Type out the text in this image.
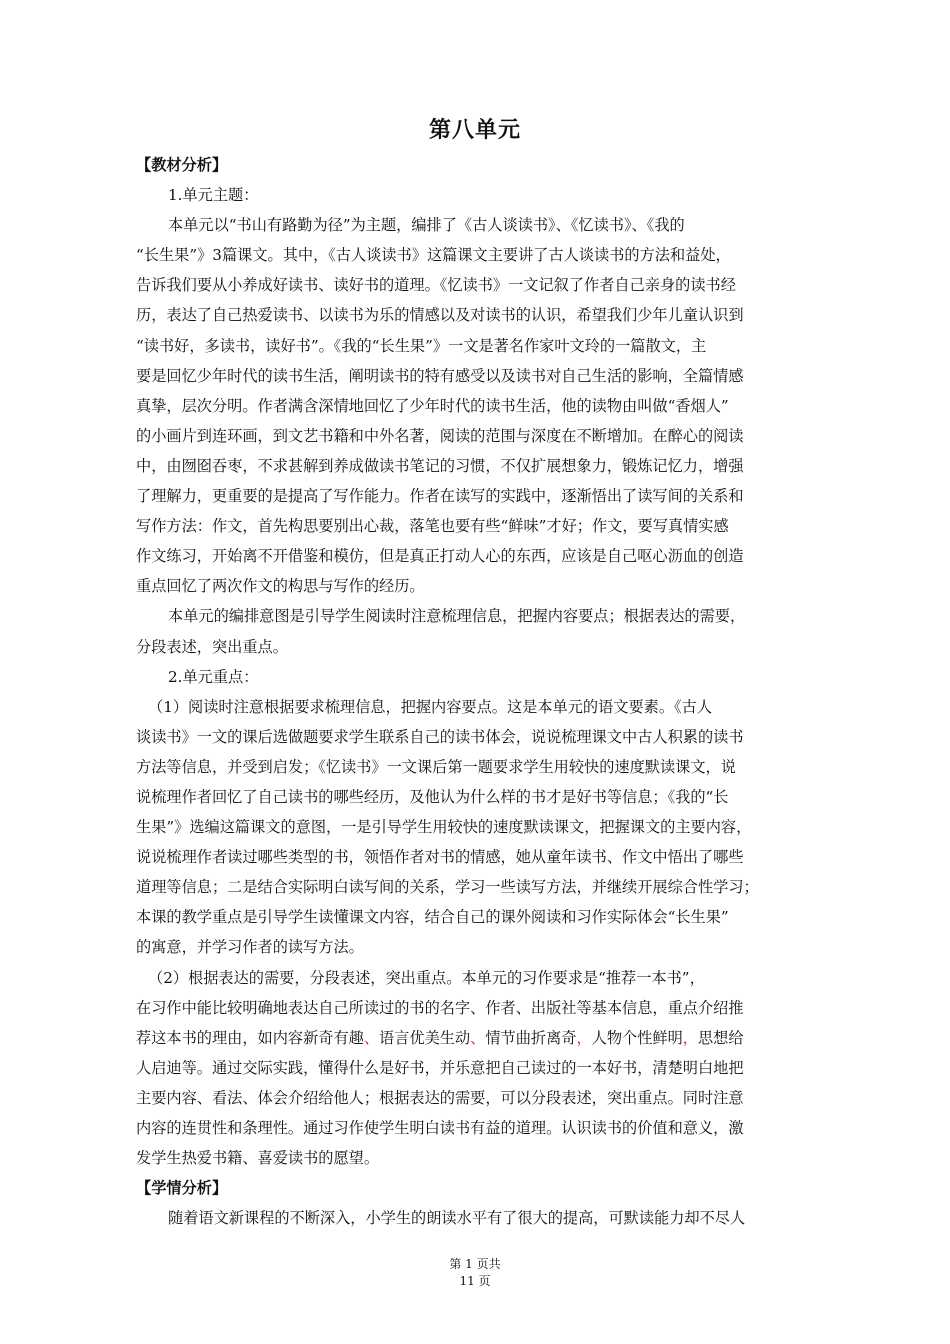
第八单元
【教材分析】
1.单元主题：
本单元以“书山有路勤为径”为主题，编排了《古人谈读书》、《忆读书》、《我的
“长生果”》3篇课文。其中，《古人谈读书》这篇课文主要讲了古人谈读书的方法和益处，
告诉我们要从小养成好读书、读好书的道理。《忆读书》一文记叙了作者自己亲身的读书经
历，表达了自己热爱读书、以读书为乐的情感以及对读书的认识，希望我们少年儿童认识到
“读书好，多读书，读好书”。《我的“长生果”》一文是著名作家叶文玲的一篇散文，主
要是回忆少年时代的读书生活，阐明读书的特有感受以及读书对自己生活的影响，全篇情感
真挚，层次分明。作者满含深情地回忆了少年时代的读书生活，他的读物由叫做“香烟人”
的小画片到连环画，到文艺书籍和中外名著，阅读的范围与深度在不断增加。在醉心的阅读
中，由囫囵吞枣，不求甚解到养成做读书笔记的习惯，不仅扩展想象力，锻炼记忆力，增强
了理解力，更重要的是提高了写作能力。作者在读写的实践中，逐渐悟出了读写间的关系和
写作方法：作文，首先构思要别出心裁，落笔也要有些“鲜味”才好；作文，要写真情实感
作文练习，开始离不开借鉴和模仿，但是真正打动人心的东西，应该是自己呕心沥血的创造
重点回忆了两次作文的构思与写作的经历。
本单元的编排意图是引导学生阅读时注意梳理信息，把握内容要点；根据表达的需要，
分段表述，突出重点。
2.单元重点：
（1）阅读时注意根据要求梳理信息，把握内容要点。这是本单元的语文要素。《古人
谈读书》一文的课后选做题要求学生联系自己的读书体会，说说梳理课文中古人积累的读书
方法等信息，并受到启发；《忆读书》一文课后第一题要求学生用较快的速度默读课文，说
说梳理作者回忆了自己读书的哪些经历，及他认为什么样的书才是好书等信息；《我的“长
生果”》选编这篇课文的意图，一是引导学生用较快的速度默读课文，把握课文的主要内容，
说说梳理作者读过哪些类型的书，领悟作者对书的情感，她从童年读书、作文中悟出了哪些
道理等信息；二是结合实际明白读写间的关系，学习一些读写方法，并继续开展综合性学习；
本课的教学重点是引导学生读懂课文内容，结合自己的课外阅读和习作实际体会“长生果”
的寓意，并学习作者的读写方法。
（2）根据表达的需要，分段表述，突出重点。本单元的习作要求是“推荐一本书”，
在习作中能比较明确地表达自己所读过的书的名字、作者、出版社等基本信息，重点介绍推
荐这本书的理由，如内容新奇有趣、语言优美生动、情节曲折离奇，人物个性鲜明，思想给
人启迪等。通过交际实践，懂得什么是好书，并乐意把自己读过的一本好书，清楚明白地把
主要内容、看法、体会介绍给他人；根据表达的需要，可以分段表述，突出重点。同时注意
内容的连贯性和条理性。通过习作使学生明白读书有益的道理。认识读书的价值和意义，激
发学生热爱书籍、喜爱读书的愿望。
【学情分析】
随着语文新课程的不断深入，小学生的朗读水平有了很大的提高，可默读能力却不尽人
第 1 页共
11 页
